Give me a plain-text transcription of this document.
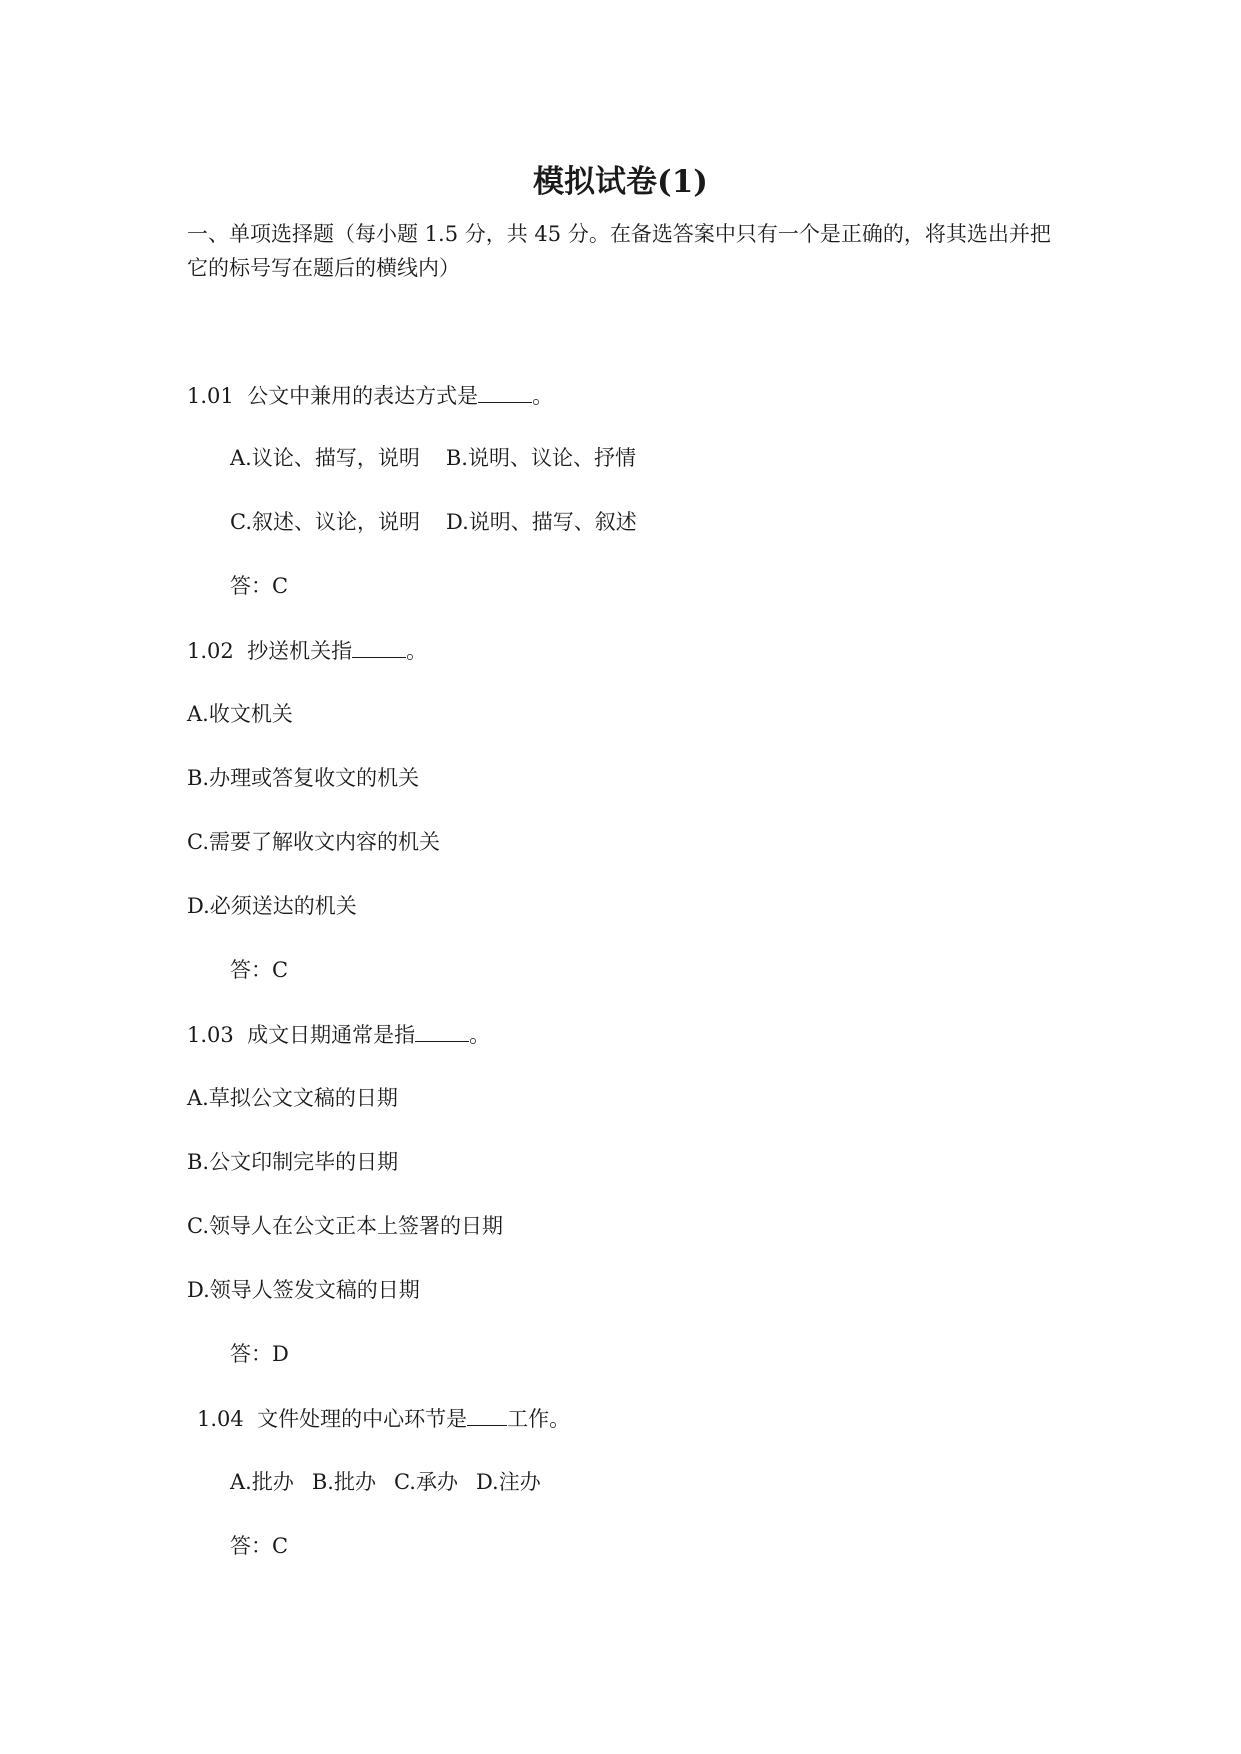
模拟试卷(1)
一、单项选择题（每小题 1.5 分，共 45 分。在备选答案中只有一个是正确的，将其选出并把它的标号写在题后的横线内）
1.01 公文中兼用的表达方式是	。
A.议论、描写，说明 B.说明、议论、抒情
C.叙述、议论，说明 D.说明、描写、叙述
答：C
1.02 抄送机关指	。
A.收文机关
B.办理或答复收文的机关
C.需要了解收文内容的机关
D.必须送达的机关
答：C
1.03 成文日期通常是指	。
A.草拟公文文稿的日期
B.公文印制完毕的日期
C.领导人在公文正本上签署的日期
D.领导人签发文稿的日期
答：D
1.04 文件处理的中心环节是 工作。
A.批办 B.批办 C.承办 D.注办
答：C
